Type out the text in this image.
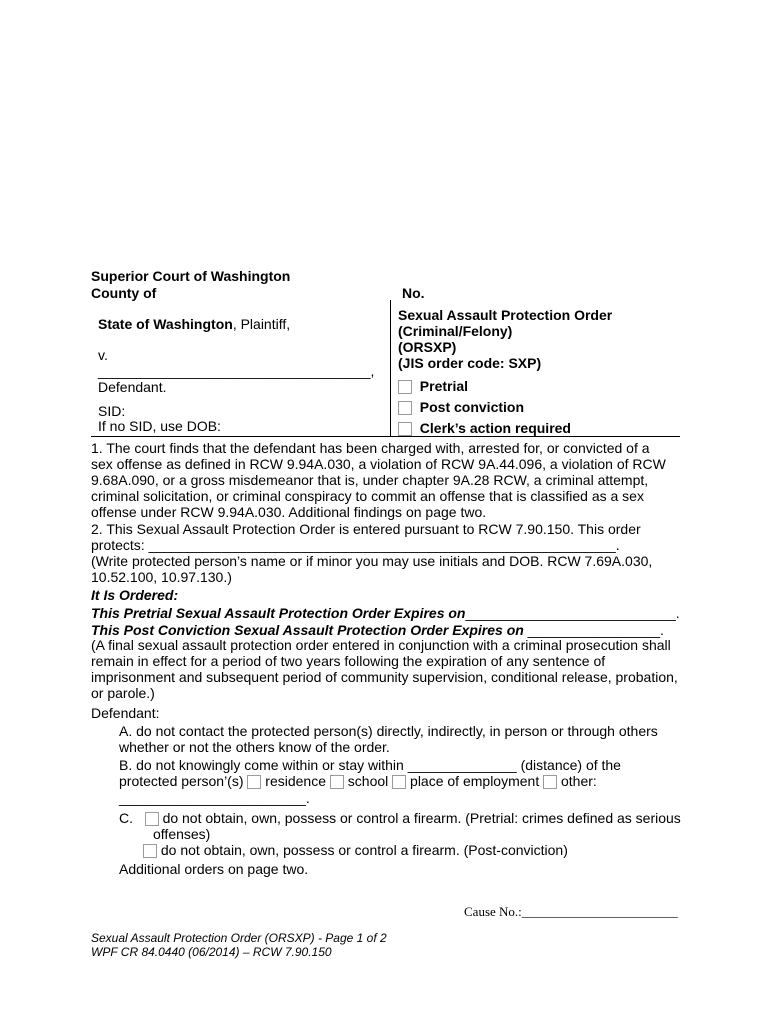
Superior Court of Washington
County of	No.
State of Washington, Plaintiff,
v.
___________________________________,
Defendant.
SID:
If no SID, use DOB:
Sexual Assault Protection Order
(Criminal/Felony)
(ORSXP)
(JIS order code: SXP)
Pretrial
Post conviction
Clerk’s action required
1. The court finds that the defendant has been charged with, arrested for, or convicted of a
sex offense as defined in RCW 9.94A.030, a violation of RCW 9A.44.096, a violation of RCW
9.68A.090, or a gross misdemeanor that is, under chapter 9A.28 RCW, a criminal attempt,
criminal solicitation, or criminal conspiracy to commit an offense that is classified as a sex
offense under RCW 9.94A.030. Additional findings on page two.
2. This Sexual Assault Protection Order is entered pursuant to RCW 7.90.150. This order
protects: ____________________________________________________________.
(Write protected person’s name or if minor you may use initials and DOB. RCW 7.69A.030,
10.52.100, 10.97.130.)
It Is Ordered:
This Pretrial Sexual Assault Protection Order Expires on___________________________.
This Post Conviction Sexual Assault Protection Order Expires on _________________.
(A final sexual assault protection order entered in conjunction with a criminal prosecution shall
remain in effect for a period of two years following the expiration of any sentence of
imprisonment and subsequent period of community supervision, conditional release, probation,
or parole.)
Defendant:
A. do not contact the protected person(s) directly, indirectly, in person or through others
whether or not the others know of the order.
B. do not knowingly come within or stay within ______________ (distance) of the
protected person’(s) residence school place of employment other:
________________________.
C. do not obtain, own, possess or control a firearm. (Pretrial: crimes defined as serious
offenses)
do not obtain, own, possess or control a firearm. (Post-conviction)
Additional orders on page two.
Cause No.:________________________
Sexual Assault Protection Order (ORSXP) - Page 1 of 2
WPF CR 84.0440 (06/2014) – RCW 7.90.150
